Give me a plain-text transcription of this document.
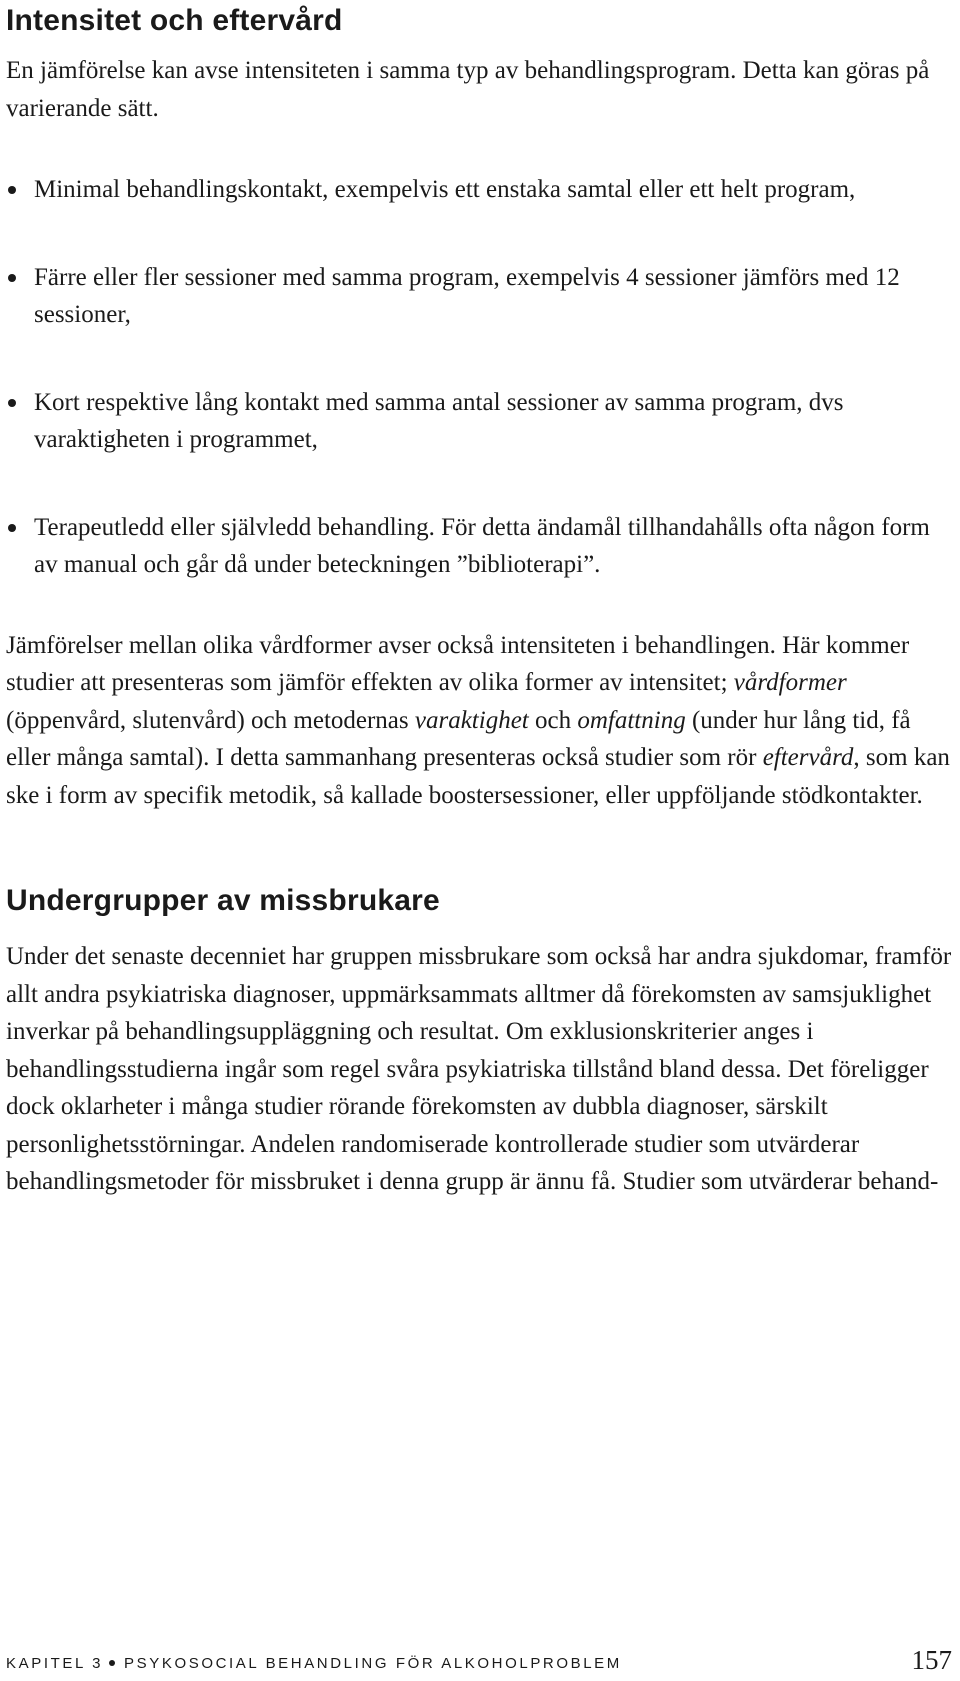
Intensitet och eftervård

En jämförelse kan avse intensiteten i samma typ av behandlingsprogram. Detta kan göras på varierande sätt.

Minimal behandlingskontakt, exempelvis ett enstaka samtal eller ett helt program,
Färre eller fler sessioner med samma program, exempelvis 4 sessioner jämförs med 12 sessioner,
Kort respektive lång kontakt med samma antal sessioner av samma program, dvs varaktigheten i programmet,
Terapeutledd eller självledd behandling. För detta ändamål tillhandahålls ofta någon form av manual och går då under beteckningen ”biblioterapi”.

Jämförelser mellan olika vårdformer avser också intensiteten i behandlingen. Här kommer studier att presenteras som jämför effekten av olika former av intensitet; vårdformer (öppenvård, slutenvård) och metodernas varaktighet och omfattning (under hur lång tid, få eller många samtal). I detta sammanhang presenteras också studier som rör eftervård, som kan ske i form av specifik metodik, så kallade boostersessioner, eller uppföljande stödkontakter.

Undergrupper av missbrukare

Under det senaste decenniet har gruppen missbrukare som också har andra sjukdomar, framför allt andra psykiatriska diagnoser, uppmärksammats alltmer då förekomsten av samsjuklighet inverkar på behandlingsuppläggning och resultat. Om exklusionskriterier anges i behandlingsstudierna ingår som regel svåra psykiatriska tillstånd bland dessa. Det föreligger dock oklarheter i många studier rörande förekomsten av dubbla diagnoser, särskilt personlighetsstörningar. Andelen randomiserade kontrollerade studier som utvärderar behandlingsmetoder för missbruket i denna grupp är ännu få. Studier som utvärderar behand-

KAPITEL 3 PSYKOSOCIAL BEHANDLING FÖR ALKOHOLPROBLEM	157
